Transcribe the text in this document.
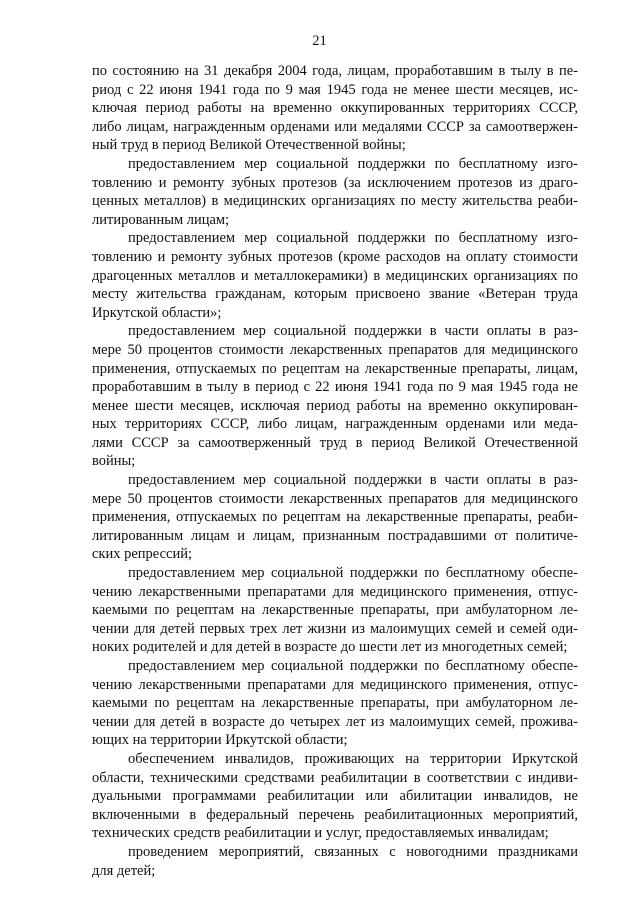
21
по состоянию на 31 декабря 2004 года, лицам, проработавшим в тылу в пе-
риод с 22 июня 1941 года по 9 мая 1945 года не менее шести месяцев, ис-
ключая период работы на временно оккупированных территориях СССР,
либо лицам, награжденным орденами или медалями СССР за самоотвержен-
ный труд в период Великой Отечественной войны;
предоставлением мер социальной поддержки по бесплатному изго-
товлению и ремонту зубных протезов (за исключением протезов из драго-
ценных металлов) в медицинских организациях по месту жительства реаби-
литированным лицам;
предоставлением мер социальной поддержки по бесплатному изго-
товлению и ремонту зубных протезов (кроме расходов на оплату стоимости
драгоценных металлов и металлокерамики) в медицинских организациях по
месту жительства гражданам, которым присвоено звание «Ветеран труда
Иркутской области»;
предоставлением мер социальной поддержки в части оплаты в раз-
мере 50 процентов стоимости лекарственных препаратов для медицинского
применения, отпускаемых по рецептам на лекарственные препараты, лицам,
проработавшим в тылу в период с 22 июня 1941 года по 9 мая 1945 года не
менее шести месяцев, исключая период работы на временно оккупирован-
ных территориях СССР, либо лицам, награжденным орденами или меда-
лями СССР за самоотверженный труд в период Великой Отечественной
войны;
предоставлением мер социальной поддержки в части оплаты в раз-
мере 50 процентов стоимости лекарственных препаратов для медицинского
применения, отпускаемых по рецептам на лекарственные препараты, реаби-
литированным лицам и лицам, признанным пострадавшими от политиче-
ских репрессий;
предоставлением мер социальной поддержки по бесплатному обеспе-
чению лекарственными препаратами для медицинского применения, отпус-
каемыми по рецептам на лекарственные препараты, при амбулаторном ле-
чении для детей первых трех лет жизни из малоимущих семей и семей оди-
ноких родителей и для детей в возрасте до шести лет из многодетных семей;
предоставлением мер социальной поддержки по бесплатному обеспе-
чению лекарственными препаратами для медицинского применения, отпус-
каемыми по рецептам на лекарственные препараты, при амбулаторном ле-
чении для детей в возрасте до четырех лет из малоимущих семей, прожива-
ющих на территории Иркутской области;
обеспечением инвалидов, проживающих на территории Иркутской
области, техническими средствами реабилитации в соответствии с индиви-
дуальными программами реабилитации или абилитации инвалидов, не
включенными в федеральный перечень реабилитационных мероприятий,
технических средств реабилитации и услуг, предоставляемых инвалидам;
проведением мероприятий, связанных с новогодними праздниками
для детей;
